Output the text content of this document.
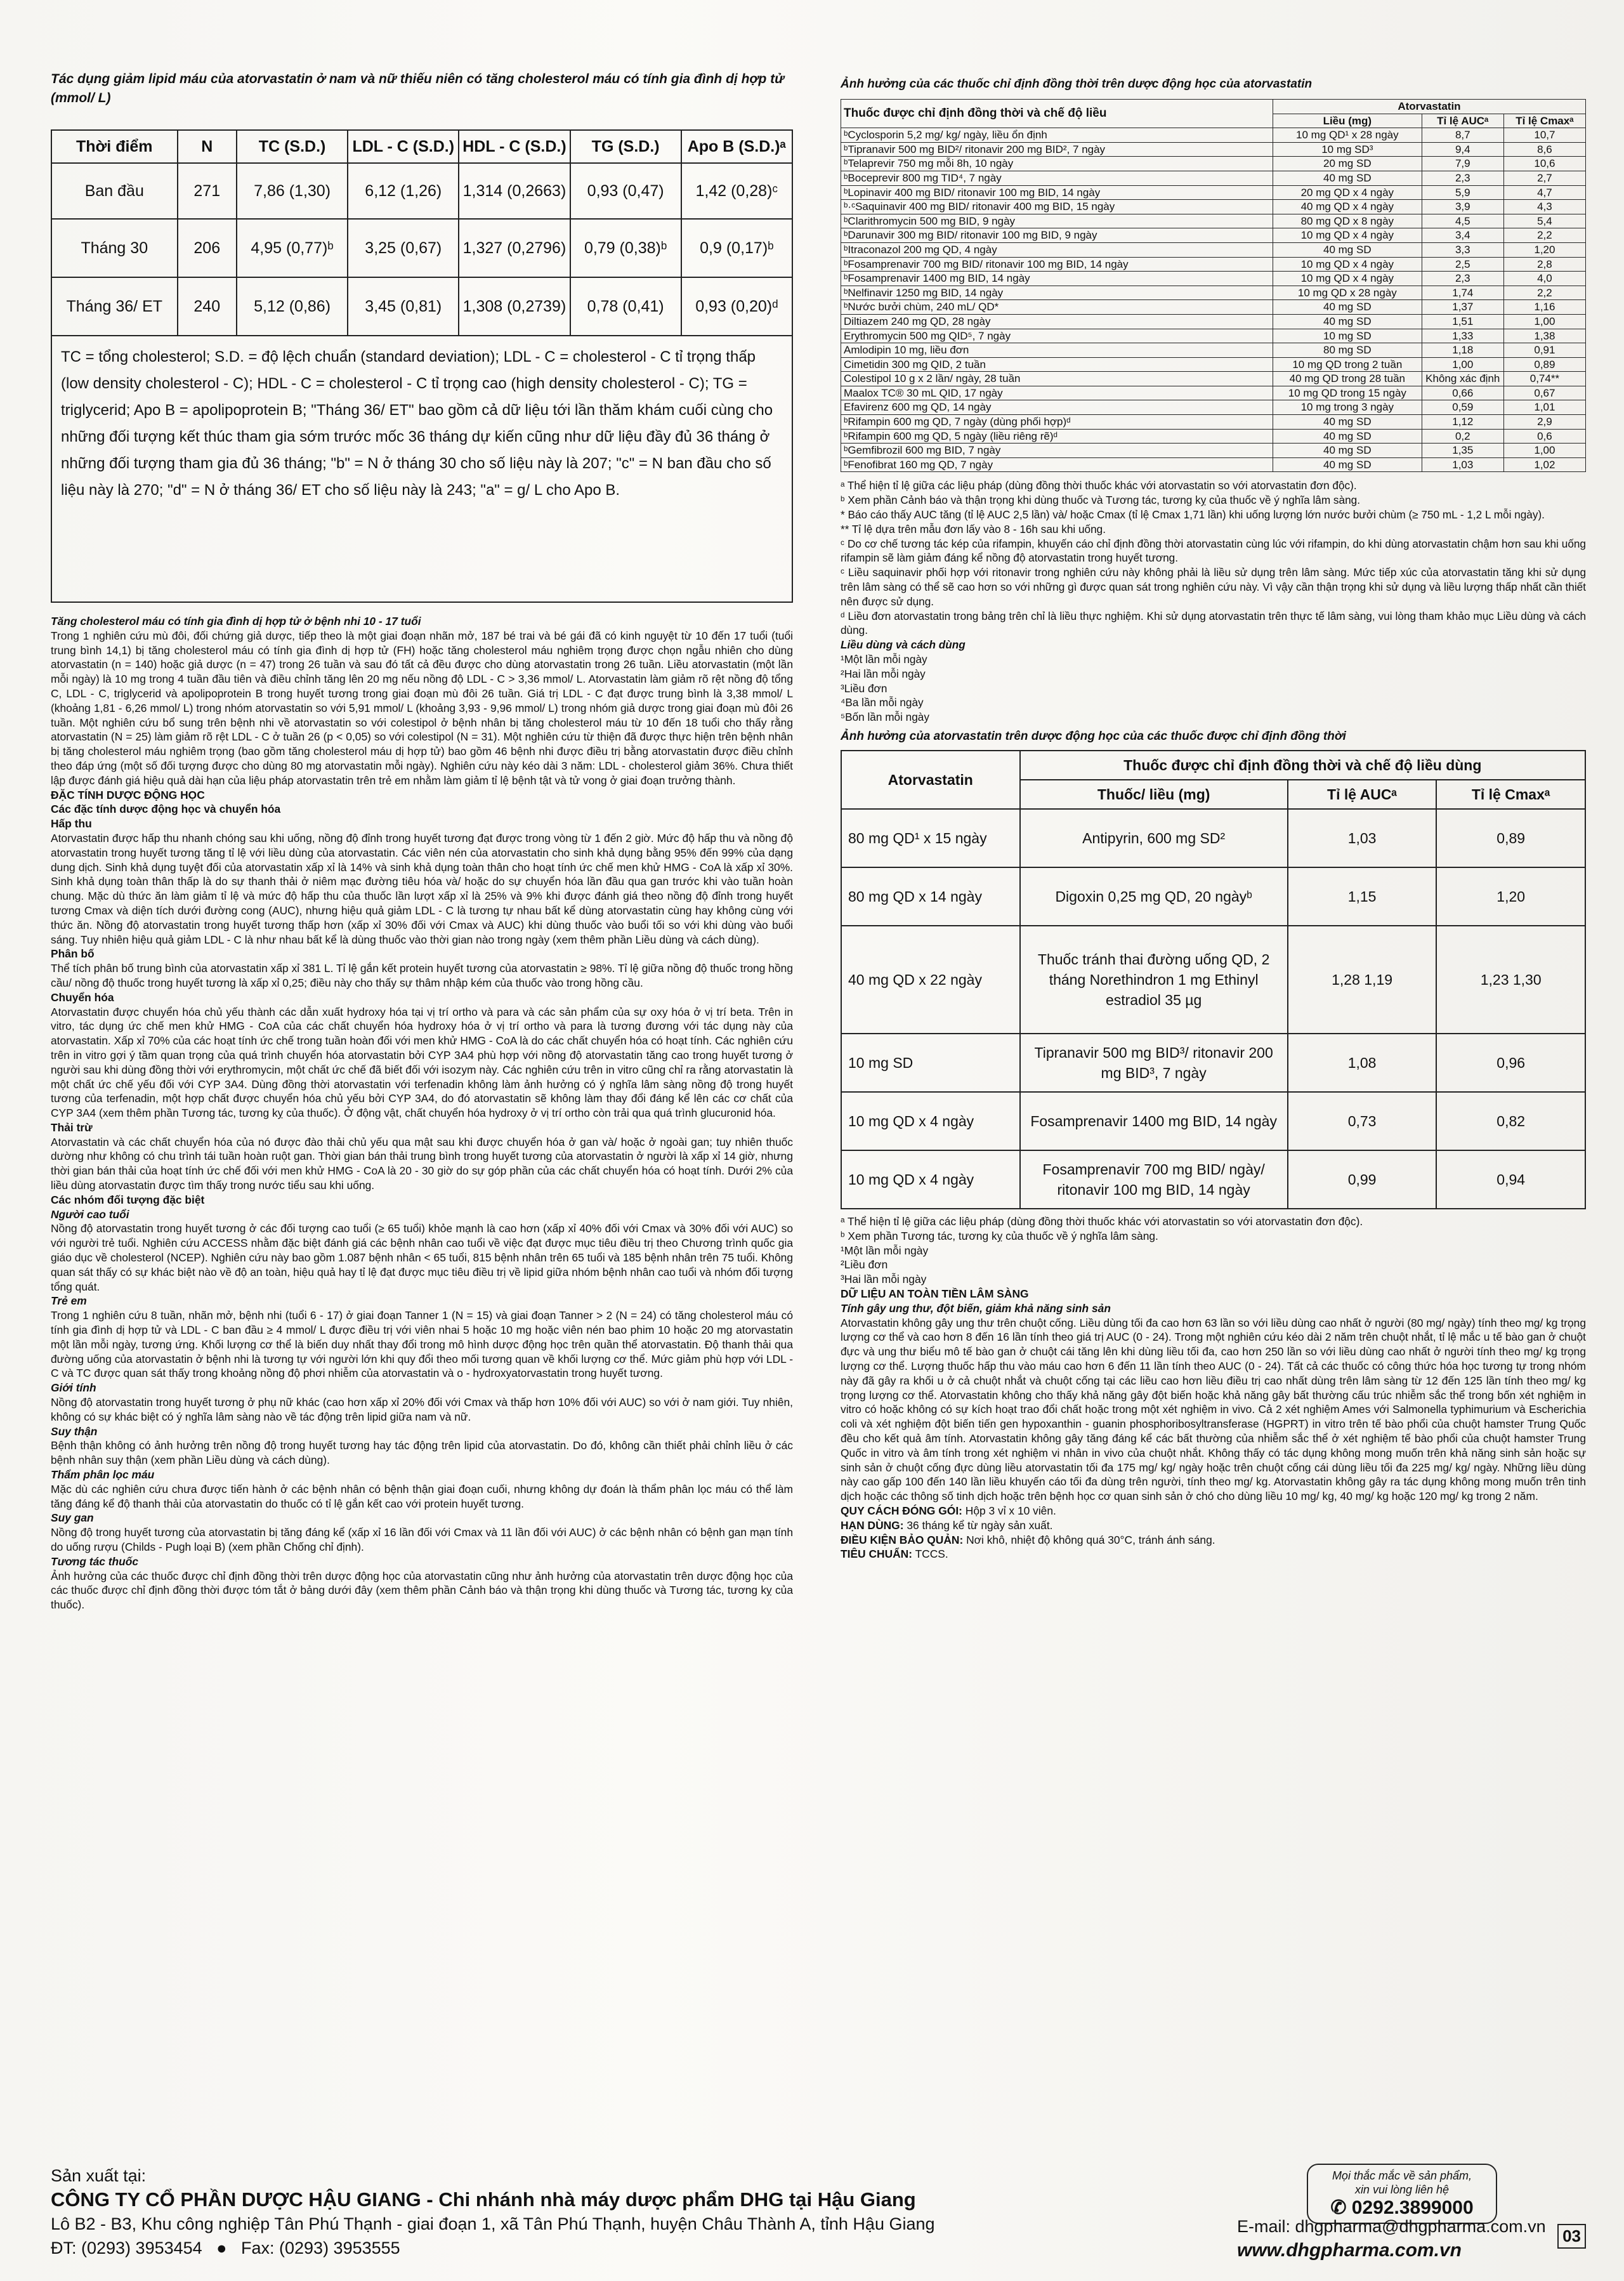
Tác dụng giảm lipid máu của atorvastatin ở nam và nữ thiếu niên có tăng cholesterol máu có tính gia đình dị hợp tử (mmol/ L)
Thời điểm	N	TC (S.D.)	LDL - C (S.D.)	HDL - C (S.D.)	TG (S.D.)	Apo B (S.D.)ᵃ
Ban đầu	271	7,86 (1,30)	6,12 (1,26)	1,314 (0,2663)	0,93 (0,47)	1,42 (0,28)ᶜ
Tháng 30	206	4,95 (0,77)ᵇ	3,25 (0,67)	1,327 (0,2796)	0,79 (0,38)ᵇ	0,9 (0,17)ᵇ
Tháng 36/ ET	240	5,12 (0,86)	3,45 (0,81)	1,308 (0,2739)	0,78 (0,41)	0,93 (0,20)ᵈ
TC = tổng cholesterol; S.D. = độ lệch chuẩn (standard deviation); LDL - C = cholesterol - C tỉ trọng thấp (low density cholesterol - C); HDL - C = cholesterol - C tỉ trọng cao (high density cholesterol - C); TG = triglycerid; Apo B = apolipoprotein B; "Tháng 36/ ET" bao gồm cả dữ liệu tới lần thăm khám cuối cùng cho những đối tượng kết thúc tham gia sớm trước mốc 36 tháng dự kiến cũng như dữ liệu đầy đủ 36 tháng ở những đối tượng tham gia đủ 36 tháng; "b" = N ở tháng 30 cho số liệu này là 207; "c" = N ban đầu cho số liệu này là 270; "d" = N ở tháng 36/ ET cho số liệu này là 243; "a" = g/ L cho Apo B.

Tăng cholesterol máu có tính gia đình dị hợp tử ở bệnh nhi 10 - 17 tuổi

Trong 1 nghiên cứu mù đôi, đối chứng giả dược, tiếp theo là một giai đoạn nhãn mở, 187 bé trai và bé gái đã có kinh nguyệt từ 10 đến 17 tuổi (tuổi trung bình 14,1) bị tăng cholesterol máu có tính gia đình dị hợp tử (FH) hoặc tăng cholesterol máu nghiêm trọng được chọn ngẫu nhiên cho dùng atorvastatin (n = 140) hoặc giả dược (n = 47) trong 26 tuần và sau đó tất cả đều được cho dùng atorvastatin trong 26 tuần. Liều atorvastatin (một lần mỗi ngày) là 10 mg trong 4 tuần đầu tiên và điều chỉnh tăng lên 20 mg nếu nồng độ LDL - C > 3,36 mmol/ L. Atorvastatin làm giảm rõ rệt nồng độ tổng C, LDL - C, triglycerid và apolipoprotein B trong huyết tương trong giai đoạn mù đôi 26 tuần. Giá trị LDL - C đạt được trung bình là 3,38 mmol/ L (khoảng 1,81 - 6,26 mmol/ L) trong nhóm atorvastatin so với 5,91 mmol/ L (khoảng 3,93 - 9,96 mmol/ L) trong nhóm giả dược trong giai đoạn mù đôi 26 tuần. Một nghiên cứu bổ sung trên bệnh nhi về atorvastatin so với colestipol ở bệnh nhân bị tăng cholesterol máu từ 10 đến 18 tuổi cho thấy rằng atorvastatin (N = 25) làm giảm rõ rệt LDL - C ở tuần 26 (p < 0,05) so với colestipol (N = 31). Một nghiên cứu từ thiện đã được thực hiện trên bệnh nhân bị tăng cholesterol máu nghiêm trọng (bao gồm tăng cholesterol máu dị hợp tử) bao gồm 46 bệnh nhi được điều trị bằng atorvastatin được điều chỉnh theo đáp ứng (một số đối tượng được cho dùng 80 mg atorvastatin mỗi ngày). Nghiên cứu này kéo dài 3 năm: LDL - cholesterol giảm 36%. Chưa thiết lập được đánh giá hiệu quả dài hạn của liệu pháp atorvastatin trên trẻ em nhằm làm giảm tỉ lệ bệnh tật và tử vong ở giai đoạn trưởng thành.

ĐẶC TÍNH DƯỢC ĐỘNG HỌC

Các đặc tính dược động học và chuyển hóa

Hấp thu

Atorvastatin được hấp thu nhanh chóng sau khi uống, nồng độ đỉnh trong huyết tương đạt được trong vòng từ 1 đến 2 giờ. Mức độ hấp thu và nồng độ atorvastatin trong huyết tương tăng tỉ lệ với liều dùng của atorvastatin. Các viên nén của atorvastatin cho sinh khả dụng bằng 95% đến 99% của dạng dung dịch. Sinh khả dụng tuyệt đối của atorvastatin xấp xỉ là 14% và sinh khả dụng toàn thân cho hoạt tính ức chế men khử HMG - CoA là xấp xỉ 30%. Sinh khả dụng toàn thân thấp là do sự thanh thải ở niêm mạc đường tiêu hóa và/ hoặc do sự chuyển hóa lần đầu qua gan trước khi vào tuần hoàn chung. Mặc dù thức ăn làm giảm tỉ lệ và mức độ hấp thu của thuốc lần lượt xấp xỉ là 25% và 9% khi được đánh giá theo nồng độ đỉnh trong huyết tương Cmax và diện tích dưới đường cong (AUC), nhưng hiệu quả giảm LDL - C là tương tự nhau bất kể dùng atorvastatin cùng hay không cùng với thức ăn. Nồng độ atorvastatin trong huyết tương thấp hơn (xấp xỉ 30% đối với Cmax và AUC) khi dùng thuốc vào buổi tối so với khi dùng vào buổi sáng. Tuy nhiên hiệu quả giảm LDL - C là như nhau bất kể là dùng thuốc vào thời gian nào trong ngày (xem thêm phần Liều dùng và cách dùng).

Phân bố

Thể tích phân bố trung bình của atorvastatin xấp xỉ 381 L. Tỉ lệ gắn kết protein huyết tương của atorvastatin ≥ 98%. Tỉ lệ giữa nồng độ thuốc trong hồng cầu/ nồng độ thuốc trong huyết tương là xấp xỉ 0,25; điều này cho thấy sự thâm nhập kém của thuốc vào trong hồng cầu.

Chuyển hóa

Atorvastatin được chuyển hóa chủ yếu thành các dẫn xuất hydroxy hóa tại vị trí ortho và para và các sản phẩm của sự oxy hóa ở vị trí beta. Trên in vitro, tác dụng ức chế men khử HMG - CoA của các chất chuyển hóa hydroxy hóa ở vị trí ortho và para là tương đương với tác dụng này của atorvastatin. Xấp xỉ 70% của các hoạt tính ức chế trong tuần hoàn đối với men khử HMG - CoA là do các chất chuyển hóa có hoạt tính. Các nghiên cứu trên in vitro gợi ý tầm quan trọng của quá trình chuyển hóa atorvastatin bởi CYP 3A4 phù hợp với nồng độ atorvastatin tăng cao trong huyết tương ở người sau khi dùng đồng thời với erythromycin, một chất ức chế đã biết đối với isozym này. Các nghiên cứu trên in vitro cũng chỉ ra rằng atorvastatin là một chất ức chế yếu đối với CYP 3A4. Dùng đồng thời atorvastatin với terfenadin không làm ảnh hưởng có ý nghĩa lâm sàng nồng độ trong huyết tương của terfenadin, một hợp chất được chuyển hóa chủ yếu bởi CYP 3A4, do đó atorvastatin sẽ không làm thay đổi đáng kể lên các cơ chất của CYP 3A4 (xem thêm phần Tương tác, tương kỵ của thuốc). Ở động vật, chất chuyển hóa hydroxy ở vị trí ortho còn trải qua quá trình glucuronid hóa.

Thải trừ

Atorvastatin và các chất chuyển hóa của nó được đào thải chủ yếu qua mật sau khi được chuyển hóa ở gan và/ hoặc ở ngoài gan; tuy nhiên thuốc dường như không có chu trình tái tuần hoàn ruột gan. Thời gian bán thải trung bình trong huyết tương của atorvastatin ở người là xấp xỉ 14 giờ, nhưng thời gian bán thải của hoạt tính ức chế đối với men khử HMG - CoA là 20 - 30 giờ do sự góp phần của các chất chuyển hóa có hoạt tính. Dưới 2% của liều dùng atorvastatin được tìm thấy trong nước tiểu sau khi uống.

Các nhóm đối tượng đặc biệt

Người cao tuổi

Nồng độ atorvastatin trong huyết tương ở các đối tượng cao tuổi (≥ 65 tuổi) khỏe mạnh là cao hơn (xấp xỉ 40% đối với Cmax và 30% đối với AUC) so với người trẻ tuổi. Nghiên cứu ACCESS nhằm đặc biệt đánh giá các bệnh nhân cao tuổi về việc đạt được mục tiêu điều trị theo Chương trình quốc gia giáo dục về cholesterol (NCEP). Nghiên cứu này bao gồm 1.087 bệnh nhân < 65 tuổi, 815 bệnh nhân trên 65 tuổi và 185 bệnh nhân trên 75 tuổi. Không quan sát thấy có sự khác biệt nào về độ an toàn, hiệu quả hay tỉ lệ đạt được mục tiêu điều trị về lipid giữa nhóm bệnh nhân cao tuổi và nhóm đối tượng tổng quát.

Trẻ em

Trong 1 nghiên cứu 8 tuần, nhãn mở, bệnh nhi (tuổi 6 - 17) ở giai đoạn Tanner 1 (N = 15) và giai đoạn Tanner > 2 (N = 24) có tăng cholesterol máu có tính gia đình dị hợp tử và LDL - C ban đầu ≥ 4 mmol/ L được điều trị với viên nhai 5 hoặc 10 mg hoặc viên nén bao phim 10 hoặc 20 mg atorvastatin một lần mỗi ngày, tương ứng. Khối lượng cơ thể là biến duy nhất thay đổi trong mô hình dược động học trên quần thể atorvastatin. Độ thanh thải qua đường uống của atorvastatin ở bệnh nhi là tương tự với người lớn khi quy đổi theo mối tương quan về khối lượng cơ thể. Mức giảm phù hợp với LDL - C và TC được quan sát thấy trong khoảng nồng độ phơi nhiễm của atorvastatin và o - hydroxyatorvastatin trong huyết tương.

Giới tính

Nồng độ atorvastatin trong huyết tương ở phụ nữ khác (cao hơn xấp xỉ 20% đối với Cmax và thấp hơn 10% đối với AUC) so với ở nam giới. Tuy nhiên, không có sự khác biệt có ý nghĩa lâm sàng nào về tác động trên lipid giữa nam và nữ.

Suy thận

Bệnh thận không có ảnh hưởng trên nồng độ trong huyết tương hay tác động trên lipid của atorvastatin. Do đó, không cần thiết phải chỉnh liều ở các bệnh nhân suy thận (xem phần Liều dùng và cách dùng).

Thẩm phân lọc máu

Mặc dù các nghiên cứu chưa được tiến hành ở các bệnh nhân có bệnh thận giai đoạn cuối, nhưng không dự đoán là thẩm phân lọc máu có thể làm tăng đáng kể độ thanh thải của atorvastatin do thuốc có tỉ lệ gắn kết cao với protein huyết tương.

Suy gan

Nồng độ trong huyết tương của atorvastatin bị tăng đáng kể (xấp xỉ 16 lần đối với Cmax và 11 lần đối với AUC) ở các bệnh nhân có bệnh gan mạn tính do uống rượu (Childs - Pugh loại B) (xem phần Chống chỉ định).

Tương tác thuốc

Ảnh hưởng của các thuốc được chỉ định đồng thời trên dược động học của atorvastatin cũng như ảnh hưởng của atorvastatin trên dược động học của các thuốc được chỉ định đồng thời được tóm tắt ở bảng dưới đây (xem thêm phần Cảnh báo và thận trọng khi dùng thuốc và Tương tác, tương kỵ của thuốc).

Ảnh hưởng của các thuốc chỉ định đồng thời trên dược động học của atorvastatin
Thuốc được chỉ định đồng thời và chế độ liều	Atorvastatin		
	Liều (mg)	Tỉ lệ AUCᵃ	Tỉ lệ Cmaxᵃ
ᵇCyclosporin 5,2 mg/ kg/ ngày, liều ổn định	10 mg QD¹ x 28 ngày	8,7	10,7
ᵇTipranavir 500 mg BID²/ ritonavir 200 mg BID², 7 ngày	10 mg SD³	9,4	8,6
ᵇTelaprevir 750 mg mỗi 8h, 10 ngày	20 mg SD	7,9	10,6
ᵇBoceprevir 800 mg TID⁴, 7 ngày	40 mg SD	2,3	2,7
ᵇLopinavir 400 mg BID/ ritonavir 100 mg BID, 14 ngày	20 mg QD x 4 ngày	5,9	4,7
ᵇ·ᶜSaquinavir 400 mg BID/ ritonavir 400 mg BID, 15 ngày	40 mg QD x 4 ngày	3,9	4,3
ᵇClarithromycin 500 mg BID, 9 ngày	80 mg QD x 8 ngày	4,5	5,4
ᵇDarunavir 300 mg BID/ ritonavir 100 mg BID, 9 ngày	10 mg QD x 4 ngày	3,4	2,2
ᵇItraconazol 200 mg QD, 4 ngày	40 mg SD	3,3	1,20
ᵇFosamprenavir 700 mg BID/ ritonavir 100 mg BID, 14 ngày	10 mg QD x 4 ngày	2,5	2,8
ᵇFosamprenavir 1400 mg BID, 14 ngày	10 mg QD x 4 ngày	2,3	4,0
ᵇNelfinavir 1250 mg BID, 14 ngày	10 mg QD x 28 ngày	1,74	2,2
ᵇNước bưởi chùm, 240 mL/ QD*	40 mg SD	1,37	1,16
Diltiazem 240 mg QD, 28 ngày	40 mg SD	1,51	1,00
Erythromycin 500 mg QID⁵, 7 ngày	10 mg SD	1,33	1,38
Amlodipin 10 mg, liều đơn	80 mg SD	1,18	0,91
Cimetidin 300 mg QID, 2 tuần	10 mg QD trong 2 tuần	1,00	0,89
Colestipol 10 g x 2 lần/ ngày, 28 tuần	40 mg QD trong 28 tuần	Không xác định	0,74**
Maalox TC® 30 mL QID, 17 ngày	10 mg QD trong 15 ngày	0,66	0,67
Efavirenz 600 mg QD, 14 ngày	10 mg trong 3 ngày	0,59	1,01
ᵇRifampin 600 mg QD, 7 ngày (dùng phối hợp)ᵈ	40 mg SD	1,12	2,9
ᵇRifampin 600 mg QD, 5 ngày (liều riêng rẽ)ᵈ	40 mg SD	0,2	0,6
ᵇGemfibrozil 600 mg BID, 7 ngày	40 mg SD	1,35	1,00
ᵇFenofibrat 160 mg QD, 7 ngày	40 mg SD	1,03	1,02

ᵃ Thể hiện tỉ lệ giữa các liệu pháp (dùng đồng thời thuốc khác với atorvastatin so với atorvastatin đơn độc).

ᵇ Xem phần Cảnh báo và thận trọng khi dùng thuốc và Tương tác, tương kỵ của thuốc về ý nghĩa lâm sàng.

* Báo cáo thấy AUC tăng (tỉ lệ AUC 2,5 lần) và/ hoặc Cmax (tỉ lệ Cmax 1,71 lần) khi uống lượng lớn nước bưởi chùm (≥ 750 mL - 1,2 L mỗi ngày).

** Tỉ lệ dựa trên mẫu đơn lấy vào 8 - 16h sau khi uống.

ᶜ Do cơ chế tương tác kép của rifampin, khuyến cáo chỉ định đồng thời atorvastatin cùng lúc với rifampin, do khi dùng atorvastatin chậm hơn sau khi uống rifampin sẽ làm giảm đáng kể nồng độ atorvastatin trong huyết tương.

ᶜ Liều saquinavir phối hợp với ritonavir trong nghiên cứu này không phải là liều sử dụng trên lâm sàng. Mức tiếp xúc của atorvastatin tăng khi sử dụng trên lâm sàng có thể sẽ cao hơn so với những gì được quan sát trong nghiên cứu này. Vì vậy cần thận trọng khi sử dụng và liều lượng thấp nhất cần thiết nên được sử dụng.

ᵈ Liều đơn atorvastatin trong bảng trên chỉ là liều thực nghiệm. Khi sử dụng atorvastatin trên thực tế lâm sàng, vui lòng tham khảo mục Liều dùng và cách dùng.

Liều dùng và cách dùng

¹Một lần mỗi ngày

²Hai lần mỗi ngày

³Liều đơn

⁴Ba lần mỗi ngày

⁵Bốn lần mỗi ngày

Ảnh hưởng của atorvastatin trên dược động học của các thuốc được chỉ định đồng thời
Atorvastatin	Thuốc được chỉ định đồng thời và chế độ liều dùng		
	Thuốc/ liều (mg)	Tỉ lệ AUCᵃ	Tỉ lệ Cmaxᵃ
80 mg QD¹ x 15 ngày	Antipyrin, 600 mg SD²	1,03	0,89
80 mg QD x 14 ngày	Digoxin 0,25 mg QD, 20 ngàyᵇ	1,15	1,20
40 mg QD x 22 ngày	Thuốc tránh thai đường uống QD, 2 tháng Norethindron 1 mg Ethinyl estradiol 35 µg	1,28 1,19	1,23 1,30
10 mg SD	Tipranavir 500 mg BID³/ ritonavir 200 mg BID³, 7 ngày	1,08	0,96
10 mg QD x 4 ngày	Fosamprenavir 1400 mg BID, 14 ngày	0,73	0,82
10 mg QD x 4 ngày	Fosamprenavir 700 mg BID/ ngày/ ritonavir 100 mg BID, 14 ngày	0,99	0,94

ᵃ Thể hiện tỉ lệ giữa các liệu pháp (dùng đồng thời thuốc khác với atorvastatin so với atorvastatin đơn độc).

ᵇ Xem phần Tương tác, tương kỵ của thuốc về ý nghĩa lâm sàng.

¹Một lần mỗi ngày

²Liều đơn

³Hai lần mỗi ngày

DỮ LIỆU AN TOÀN TIỀN LÂM SÀNG

Tính gây ung thư, đột biến, giảm khả năng sinh sản

Atorvastatin không gây ung thư trên chuột cống. Liều dùng tối đa cao hơn 63 lần so với liều dùng cao nhất ở người (80 mg/ ngày) tính theo mg/ kg trọng lượng cơ thể và cao hơn 8 đến 16 lần tính theo giá trị AUC (0 - 24). Trong một nghiên cứu kéo dài 2 năm trên chuột nhắt, tỉ lệ mắc u tế bào gan ở chuột đực và ung thư biểu mô tế bào gan ở chuột cái tăng lên khi dùng liều tối đa, cao hơn 250 lần so với liều dùng cao nhất ở người tính theo mg/ kg trọng lượng cơ thể. Lượng thuốc hấp thu vào máu cao hơn 6 đến 11 lần tính theo AUC (0 - 24). Tất cả các thuốc có công thức hóa học tương tự trong nhóm này đã gây ra khối u ở cả chuột nhắt và chuột cống tại các liều cao hơn liều điều trị cao nhất dùng trên lâm sàng từ 12 đến 125 lần tính theo mg/ kg trọng lượng cơ thể. Atorvastatin không cho thấy khả năng gây đột biến hoặc khả năng gây bất thường cấu trúc nhiễm sắc thể trong bốn xét nghiệm in vitro có hoặc không có sự kích hoạt trao đổi chất hoặc trong một xét nghiệm in vivo. Cả 2 xét nghiệm Ames với Salmonella typhimurium và Escherichia coli và xét nghiệm đột biến tiến gen hypoxanthin - guanin phosphoribosyltransferase (HGPRT) in vitro trên tế bào phổi của chuột hamster Trung Quốc đều cho kết quả âm tính. Atorvastatin không gây tăng đáng kể các bất thường của nhiễm sắc thể ở xét nghiệm tế bào phổi của chuột hamster Trung Quốc in vitro và âm tính trong xét nghiệm vi nhân in vivo của chuột nhắt. Không thấy có tác dụng không mong muốn trên khả năng sinh sản hoặc sự sinh sản ở chuột cống đực dùng liều atorvastatin tối đa 175 mg/ kg/ ngày hoặc trên chuột cống cái dùng liều tối đa 225 mg/ kg/ ngày. Những liều dùng này cao gấp 100 đến 140 lần liều khuyến cáo tối đa dùng trên người, tính theo mg/ kg. Atorvastatin không gây ra tác dụng không mong muốn trên tinh dịch hoặc các thông số tinh dịch hoặc trên bệnh học cơ quan sinh sản ở chó cho dùng liều 10 mg/ kg, 40 mg/ kg hoặc 120 mg/ kg trong 2 năm.

QUY CÁCH ĐÓNG GÓI: Hộp 3 vỉ x 10 viên.

HẠN DÙNG: 36 tháng kể từ ngày sản xuất.

ĐIỀU KIỆN BẢO QUẢN: Nơi khô, nhiệt độ không quá 30°C, tránh ánh sáng.

TIÊU CHUẨN: TCCS.

Sản xuất tại:
CÔNG TY CỔ PHẦN DƯỢC HẬU GIANG - Chi nhánh nhà máy dược phẩm DHG tại Hậu Giang
Lô B2 - B3, Khu công nghiệp Tân Phú Thạnh - giai đoạn 1, xã Tân Phú Thạnh, huyện Châu Thành A, tỉnh Hậu Giang
ĐT: (0293) 3953454   ●   Fax: (0293) 3953555
Mọi thắc mắc về sản phẩm,
xin vui lòng liên hệ
✆ 0292.3899000
E-mail: dhgpharma@dhgpharma.com.vn
www.dhgpharma.com.vn
03
